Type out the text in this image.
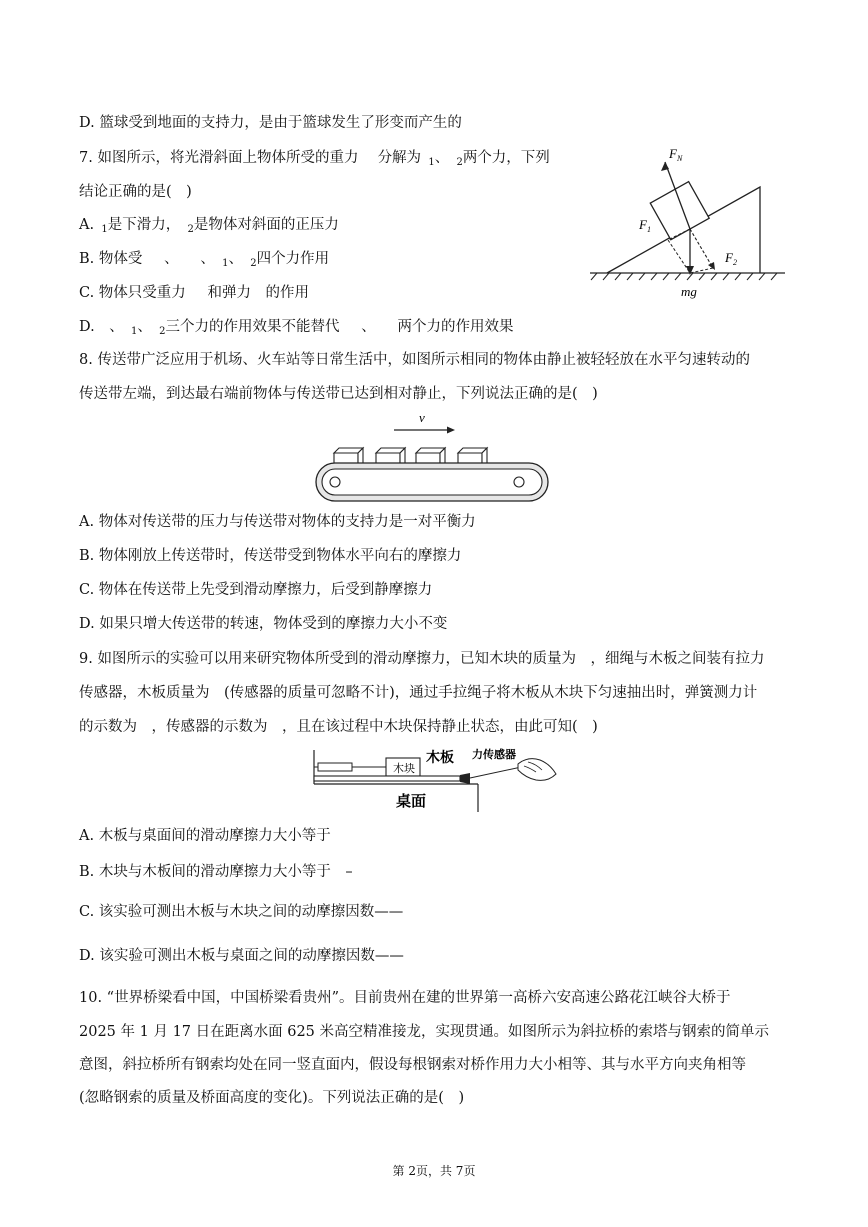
D. 篮球受到地面的支持力，是由于篮球发生了形变而产生的
7. 如图所示，将光滑斜面上物体所受的重力  分解为  $_1$、  $_2$两个力，下列
结论正确的是(　)
A.  $_1$是下滑力，  $_2$是物体对斜面的正压力
B. 物体受   、   、  $_1$、  $_2$四个力作用
C. 物体只受重力   和弹力  的作用
D.  、  $_1$、  $_2$三个力的作用效果不能替代   、   两个力的作用效果
$F_N$
$F_1$
$F_2$
mg
8. 传送带广泛应用于机场、火车站等日常生活中，如图所示相同的物体由静止被轻轻放在水平匀速转动的
传送带左端，到达最右端前物体与传送带已达到相对静止，下列说法正确的是(　)
v
A. 物体对传送带的压力与传送带对物体的支持力是一对平衡力
B. 物体刚放上传送带时，传送带受到物体水平向右的摩擦力
C. 物体在传送带上先受到滑动摩擦力，后受到静摩擦力
D. 如果只增大传送带的转速，物体受到的摩擦力大小不变
9. 如图所示的实验可以用来研究物体所受到的滑动摩擦力，已知木块的质量为　，细绳与木板之间装有拉力
传感器，木板质量为　(传感器的质量可忽略不计)，通过手拉绳子将木板从木块下匀速抽出时，弹簧测力计
的示数为　，传感器的示数为　，且在该过程中木块保持静止状态，由此可知(　)
木块
木板 力传感器
桌面
A. 木板与桌面间的滑动摩擦力大小等于
B. 木块与木板间的滑动摩擦力大小等于　–
C. 该实验可测出木板与木块之间的动摩擦因数——
D. 该实验可测出木板与桌面之间的动摩擦因数——
10. “世界桥梁看中国，中国桥梁看贵州”。目前贵州在建的世界第一高桥六安高速公路花江峡谷大桥于
2025 年 1 月 17 日在距离水面 625 米高空精准接龙，实现贯通。如图所示为斜拉桥的索塔与钢索的简单示
意图，斜拉桥所有钢索均处在同一竖直面内，假设每根钢索对桥作用力大小相等、其与水平方向夹角相等
(忽略钢索的质量及桥面高度的变化)。下列说法正确的是(　)
第 2页，共 7页
